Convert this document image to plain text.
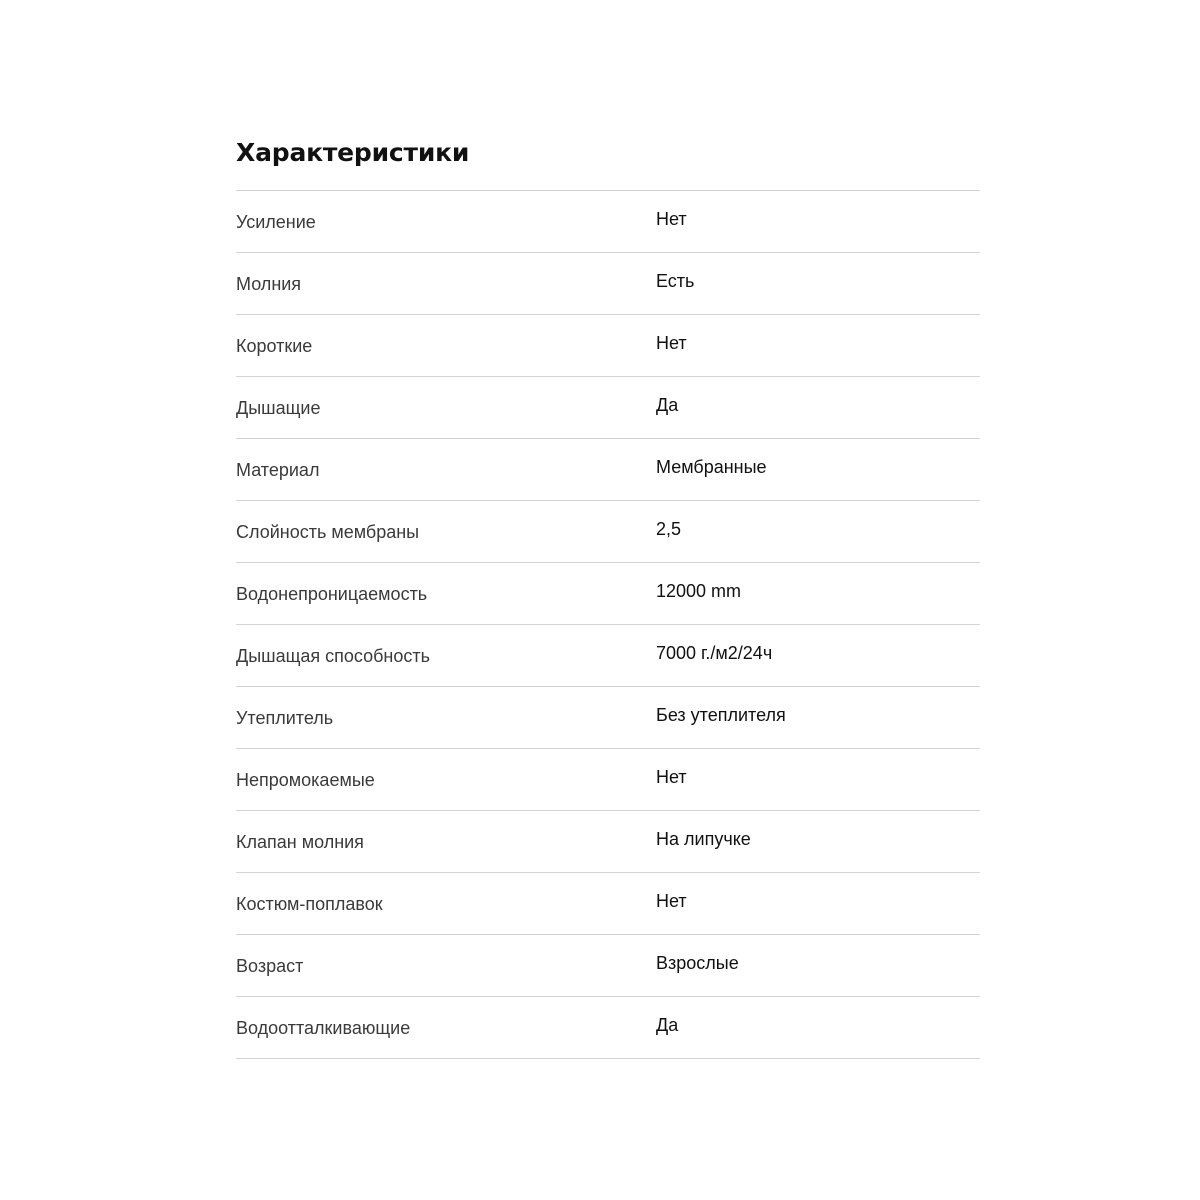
Характеристики
Усиление	Нет
Молния	Есть
Короткие	Нет
Дышащие	Да
Материал	Мембранные
Слойность мембраны	2,5
Водонепроницаемость	12000 mm
Дышащая способность	7000 г./м2/24ч
Утеплитель	Без утеплителя
Непромокаемые	Нет
Клапан молния	На липучке
Костюм-поплавок	Нет
Возраст	Взрослые
Водоотталкивающие	Да
